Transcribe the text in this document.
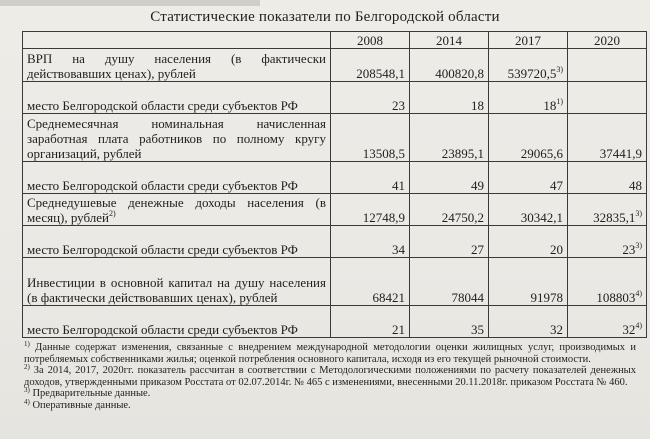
Статистические показатели по Белгородской области
	2008	2014	2017	2020

ВРП на душу населения (в фактически действовавших ценах), рублей	208548,1	400820,8	539720,5$^{3)}$	

место Белгородской области среди субъектов РФ	23	18	18$^{1)}$	

Среднемесячная номинальная начисленная заработная плата работников по полному кругу организаций, рублей	13508,5	23895,1	29065,6	37441,9

место Белгородской области среди субъектов РФ	41	49	47	48

Среднедушевые денежные доходы населения (в месяц), рублей$^{2)}$	12748,9	24750,2	30342,1	32835,1$^{3)}$

место Белгородской области среди субъектов РФ	34	27	20	23$^{3)}$

Инвестиции в основной капитал на душу населения (в фактически действовавших ценах), рублей	68421	78044	91978	108803$^{4)}$

место Белгородской области среди субъектов РФ	21	35	32	32$^{4)}$

$^{1)}$ Данные содержат изменения, связанные с внедрением международной методологии оценки жилищных услуг, производимых и потребляемых собственниками жилья; оценкой потребления основного капитала, исходя из его текущей рыночной стоимости.

$^{2)}$ За 2014, 2017, 2020гг. показатель рассчитан в соответствии с Методологическими положениями по расчету показателей денежных доходов, утвержденными приказом Росстата от 02.07.2014г. № 465 с изменениями, внесенными 20.11.2018г. приказом Росстата № 460.

$^{3)}$ Предварительные данные.

$^{4)}$ Оперативные данные.
